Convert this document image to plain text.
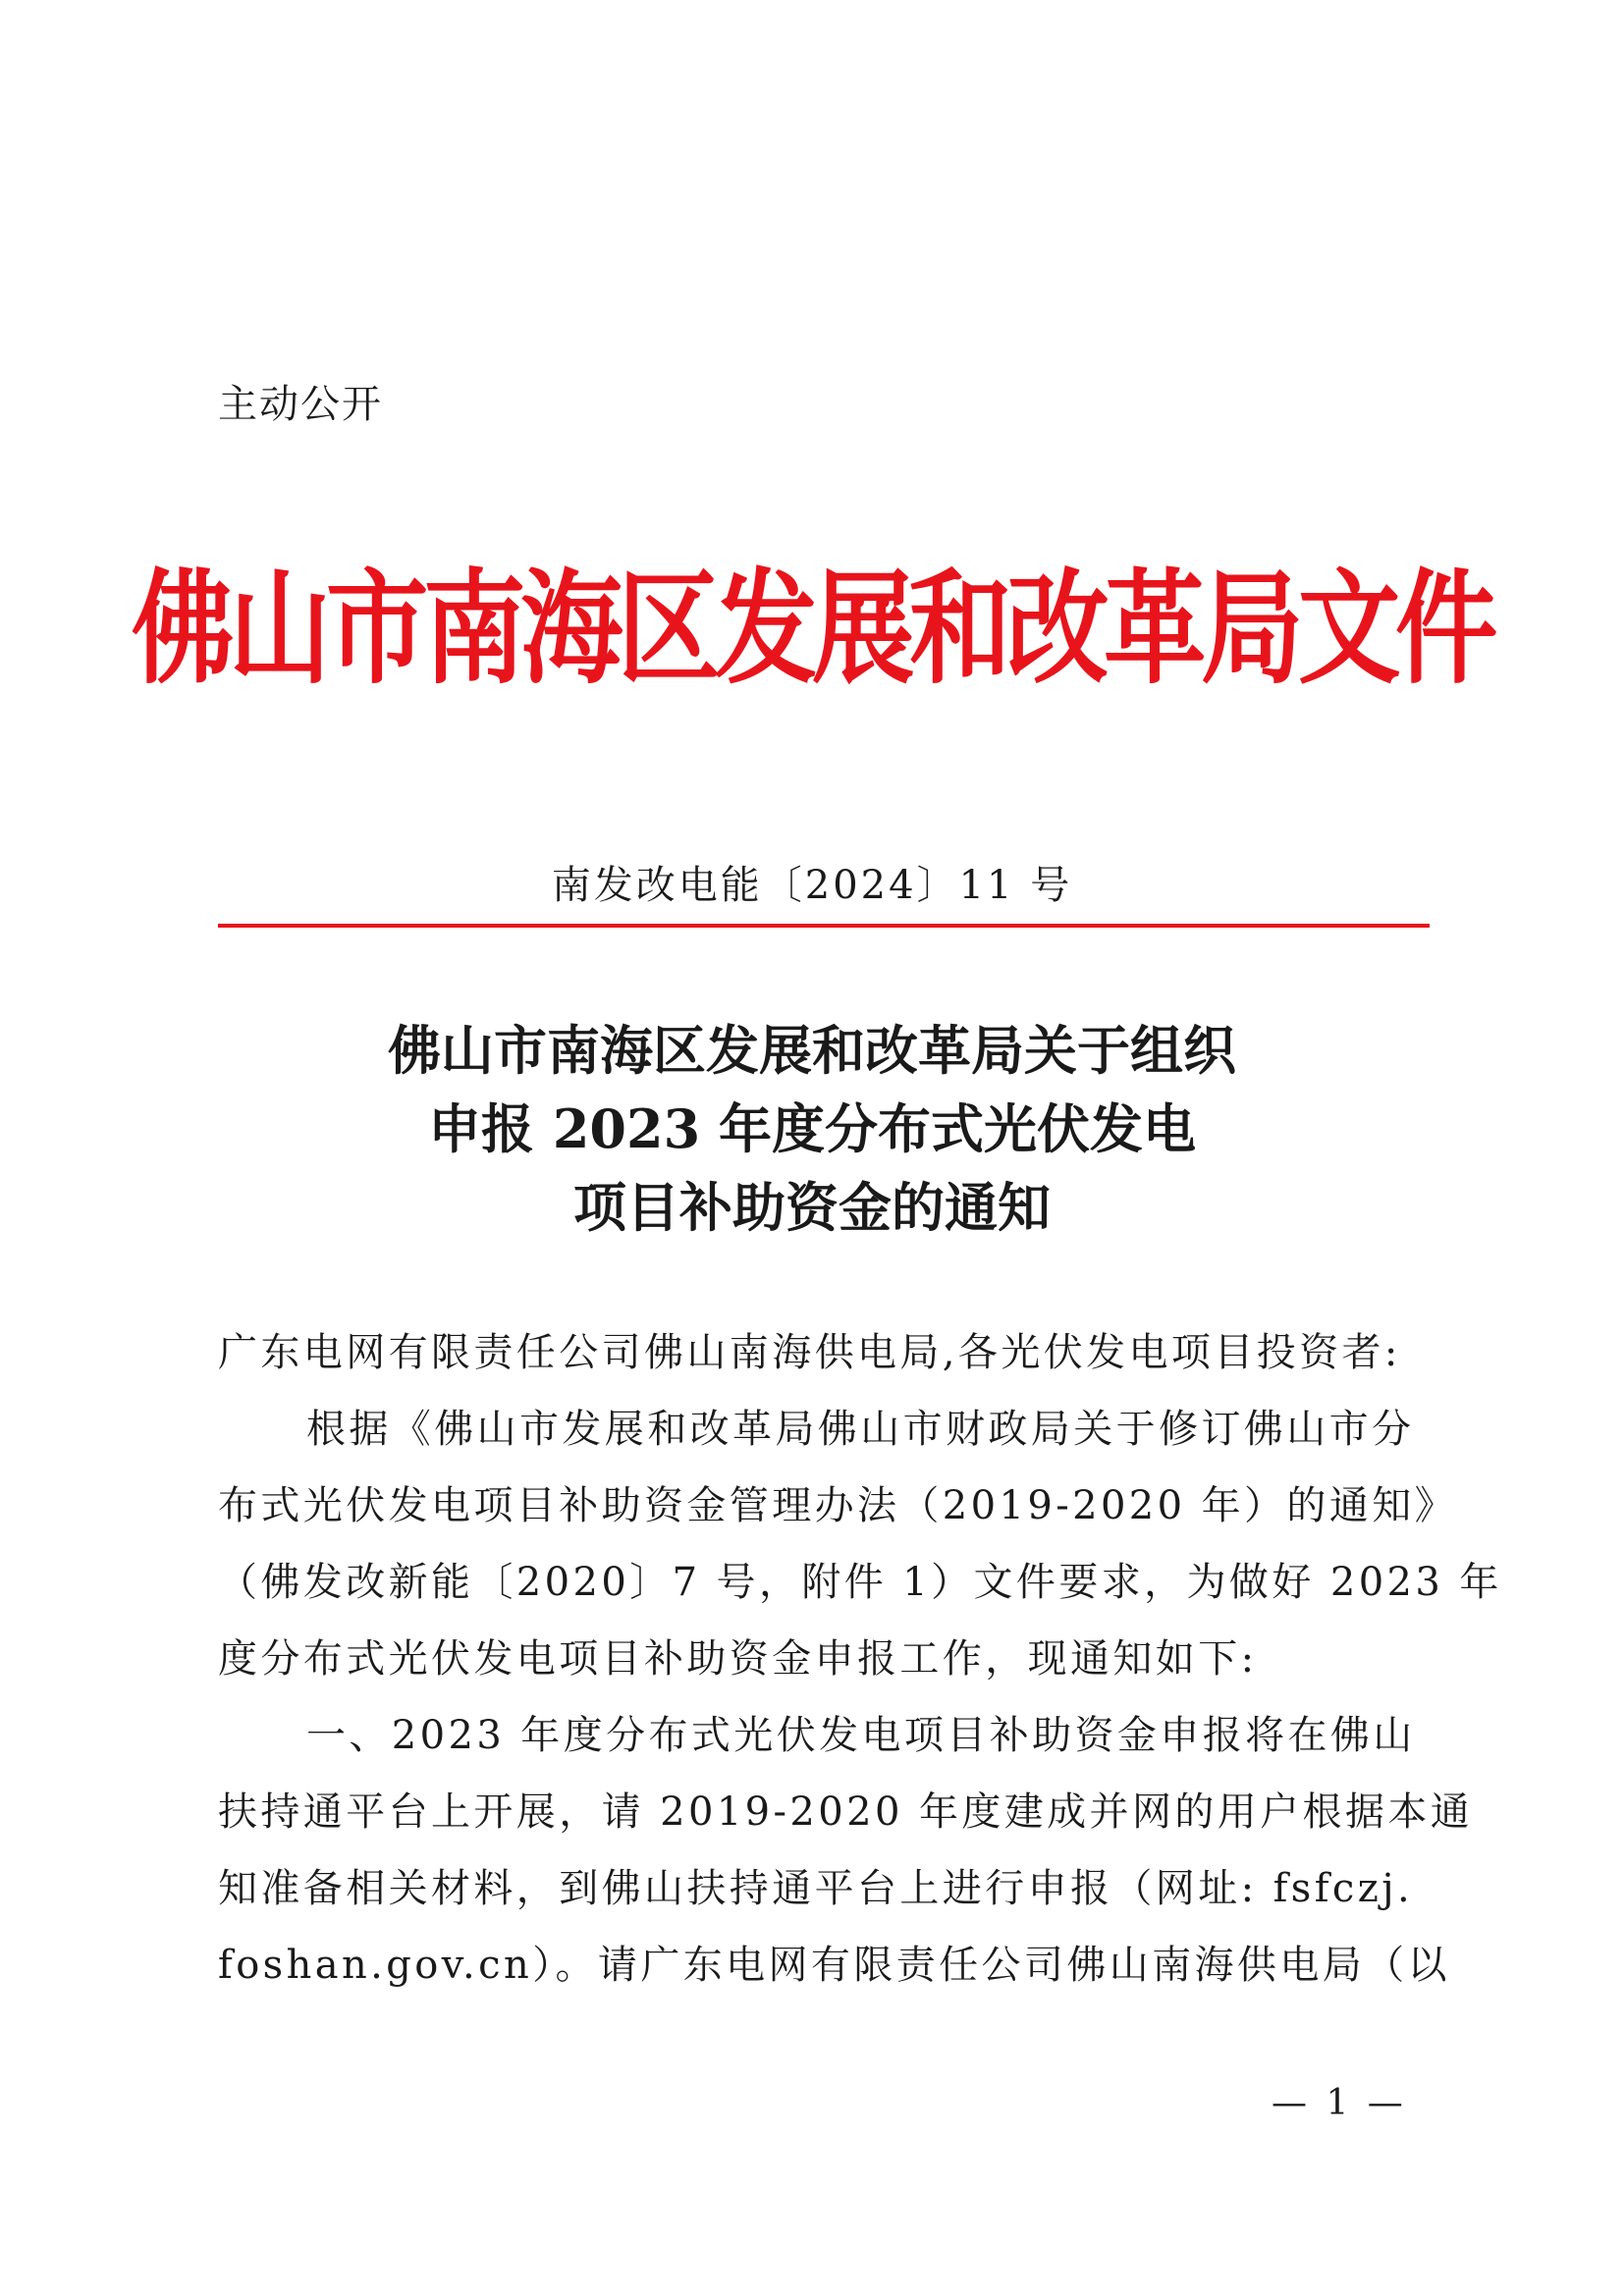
主动公开
佛山市南海区发展和改革局文件
南发改电能〔2024〕11 号
佛山市南海区发展和改革局关于组织
申报 2023 年度分布式光伏发电
项目补助资金的通知
广东电网有限责任公司佛山南海供电局,各光伏发电项目投资者:
根据《佛山市发展和改革局佛山市财政局关于修订佛山市分
布式光伏发电项目补助资金管理办法（2019-2020 年）的通知》
（佛发改新能〔2020〕7 号，附件 1）文件要求，为做好 2023 年
度分布式光伏发电项目补助资金申报工作，现通知如下:
一、2023 年度分布式光伏发电项目补助资金申报将在佛山
扶持通平台上开展，请 2019-2020 年度建成并网的用户根据本通
知准备相关材料，到佛山扶持通平台上进行申报（网址: fsfczj.
foshan.gov.cn）。请广东电网有限责任公司佛山南海供电局（以
— 1 —
